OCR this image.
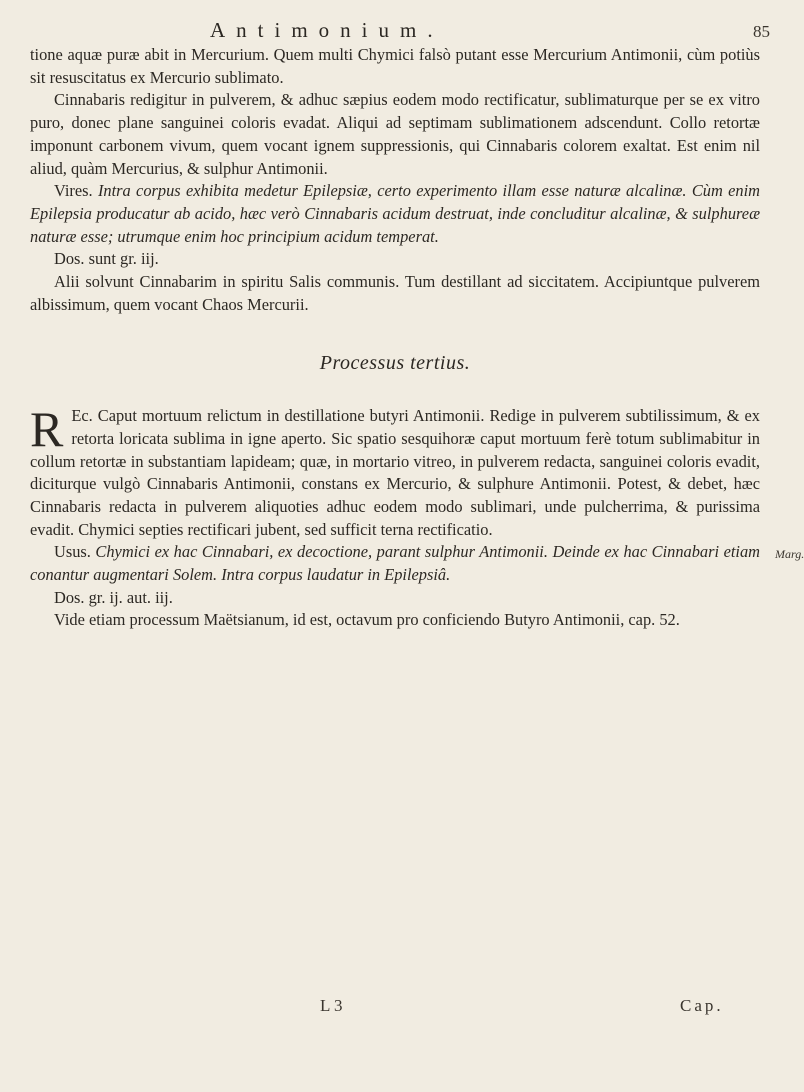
Antimonium.	85

tione aquæ puræ abit in Mercurium. Quem multi Chymici falsò putant esse Mercurium Antimonii, cùm potiùs sit resuscitatus ex Mercurio sublimato.

Cinnabaris redigitur in pulverem, & adhuc sæpius eodem modo rectificatur, sublimaturque per se ex vitro puro, donec plane sanguinei coloris evadat. Aliqui ad septimam sublimationem adscendunt. Collo retortæ imponunt carbonem vivum, quem vocant ignem suppressionis, qui Cinnabaris colorem exaltat. Est enim nil aliud, quàm Mercurius, & sulphur Antimonii.

Vires. Intra corpus exhibita medetur Epilepsiæ, certo experimento illam esse naturæ alcalinæ. Cùm enim Epilepsia producatur ab acido, hæc verò Cinnabaris acidum destruat, inde concluditur alcalinæ, & sulphureæ naturæ esse; utrumque enim hoc principium acidum temperat.

Dos. sunt gr. iij.

Alii solvunt Cinnabarim in spiritu Salis communis. Tum destillant ad siccitatem. Accipiuntque pulverem albissimum, quem vocant Chaos Mercurii.

Processus tertius.

R Ec. Caput mortuum relictum in destillatione butyri Antimonii. Redige in pulverem subtilissimum, & ex retorta loricata sublima in igne aperto. Sic spatio sesquihoræ caput mortuum ferè totum sublimabitur in collum retortæ in substantiam lapideam; quæ, in mortario vitreo, in pulverem redacta, sanguinei coloris evadit, diciturque vulgò Cinnabaris Antimonii, constans ex Mercurio, & sulphure Antimonii. Potest, & debet, hæc Cinnabaris redacta in pulverem aliquoties adhuc eodem modo sublimari, unde pulcherrima, & purissima evadit. Chymici septies rectificari jubent, sed sufficit terna rectificatio.

Usus. Chymici ex hac Cinnabari, ex decoctione, parant sulphur Antimonii. Deinde ex hac Cinnabari etiam conantur augmentari Solem. Intra corpus laudatur in Epilepsiâ.

Dos. gr. ij. aut. iij.

Vide etiam processum Maëtsianum, id est, octavum pro conficiendo Butyro Antimonii, cap. 52.

Marg.
L 3	Cap.
